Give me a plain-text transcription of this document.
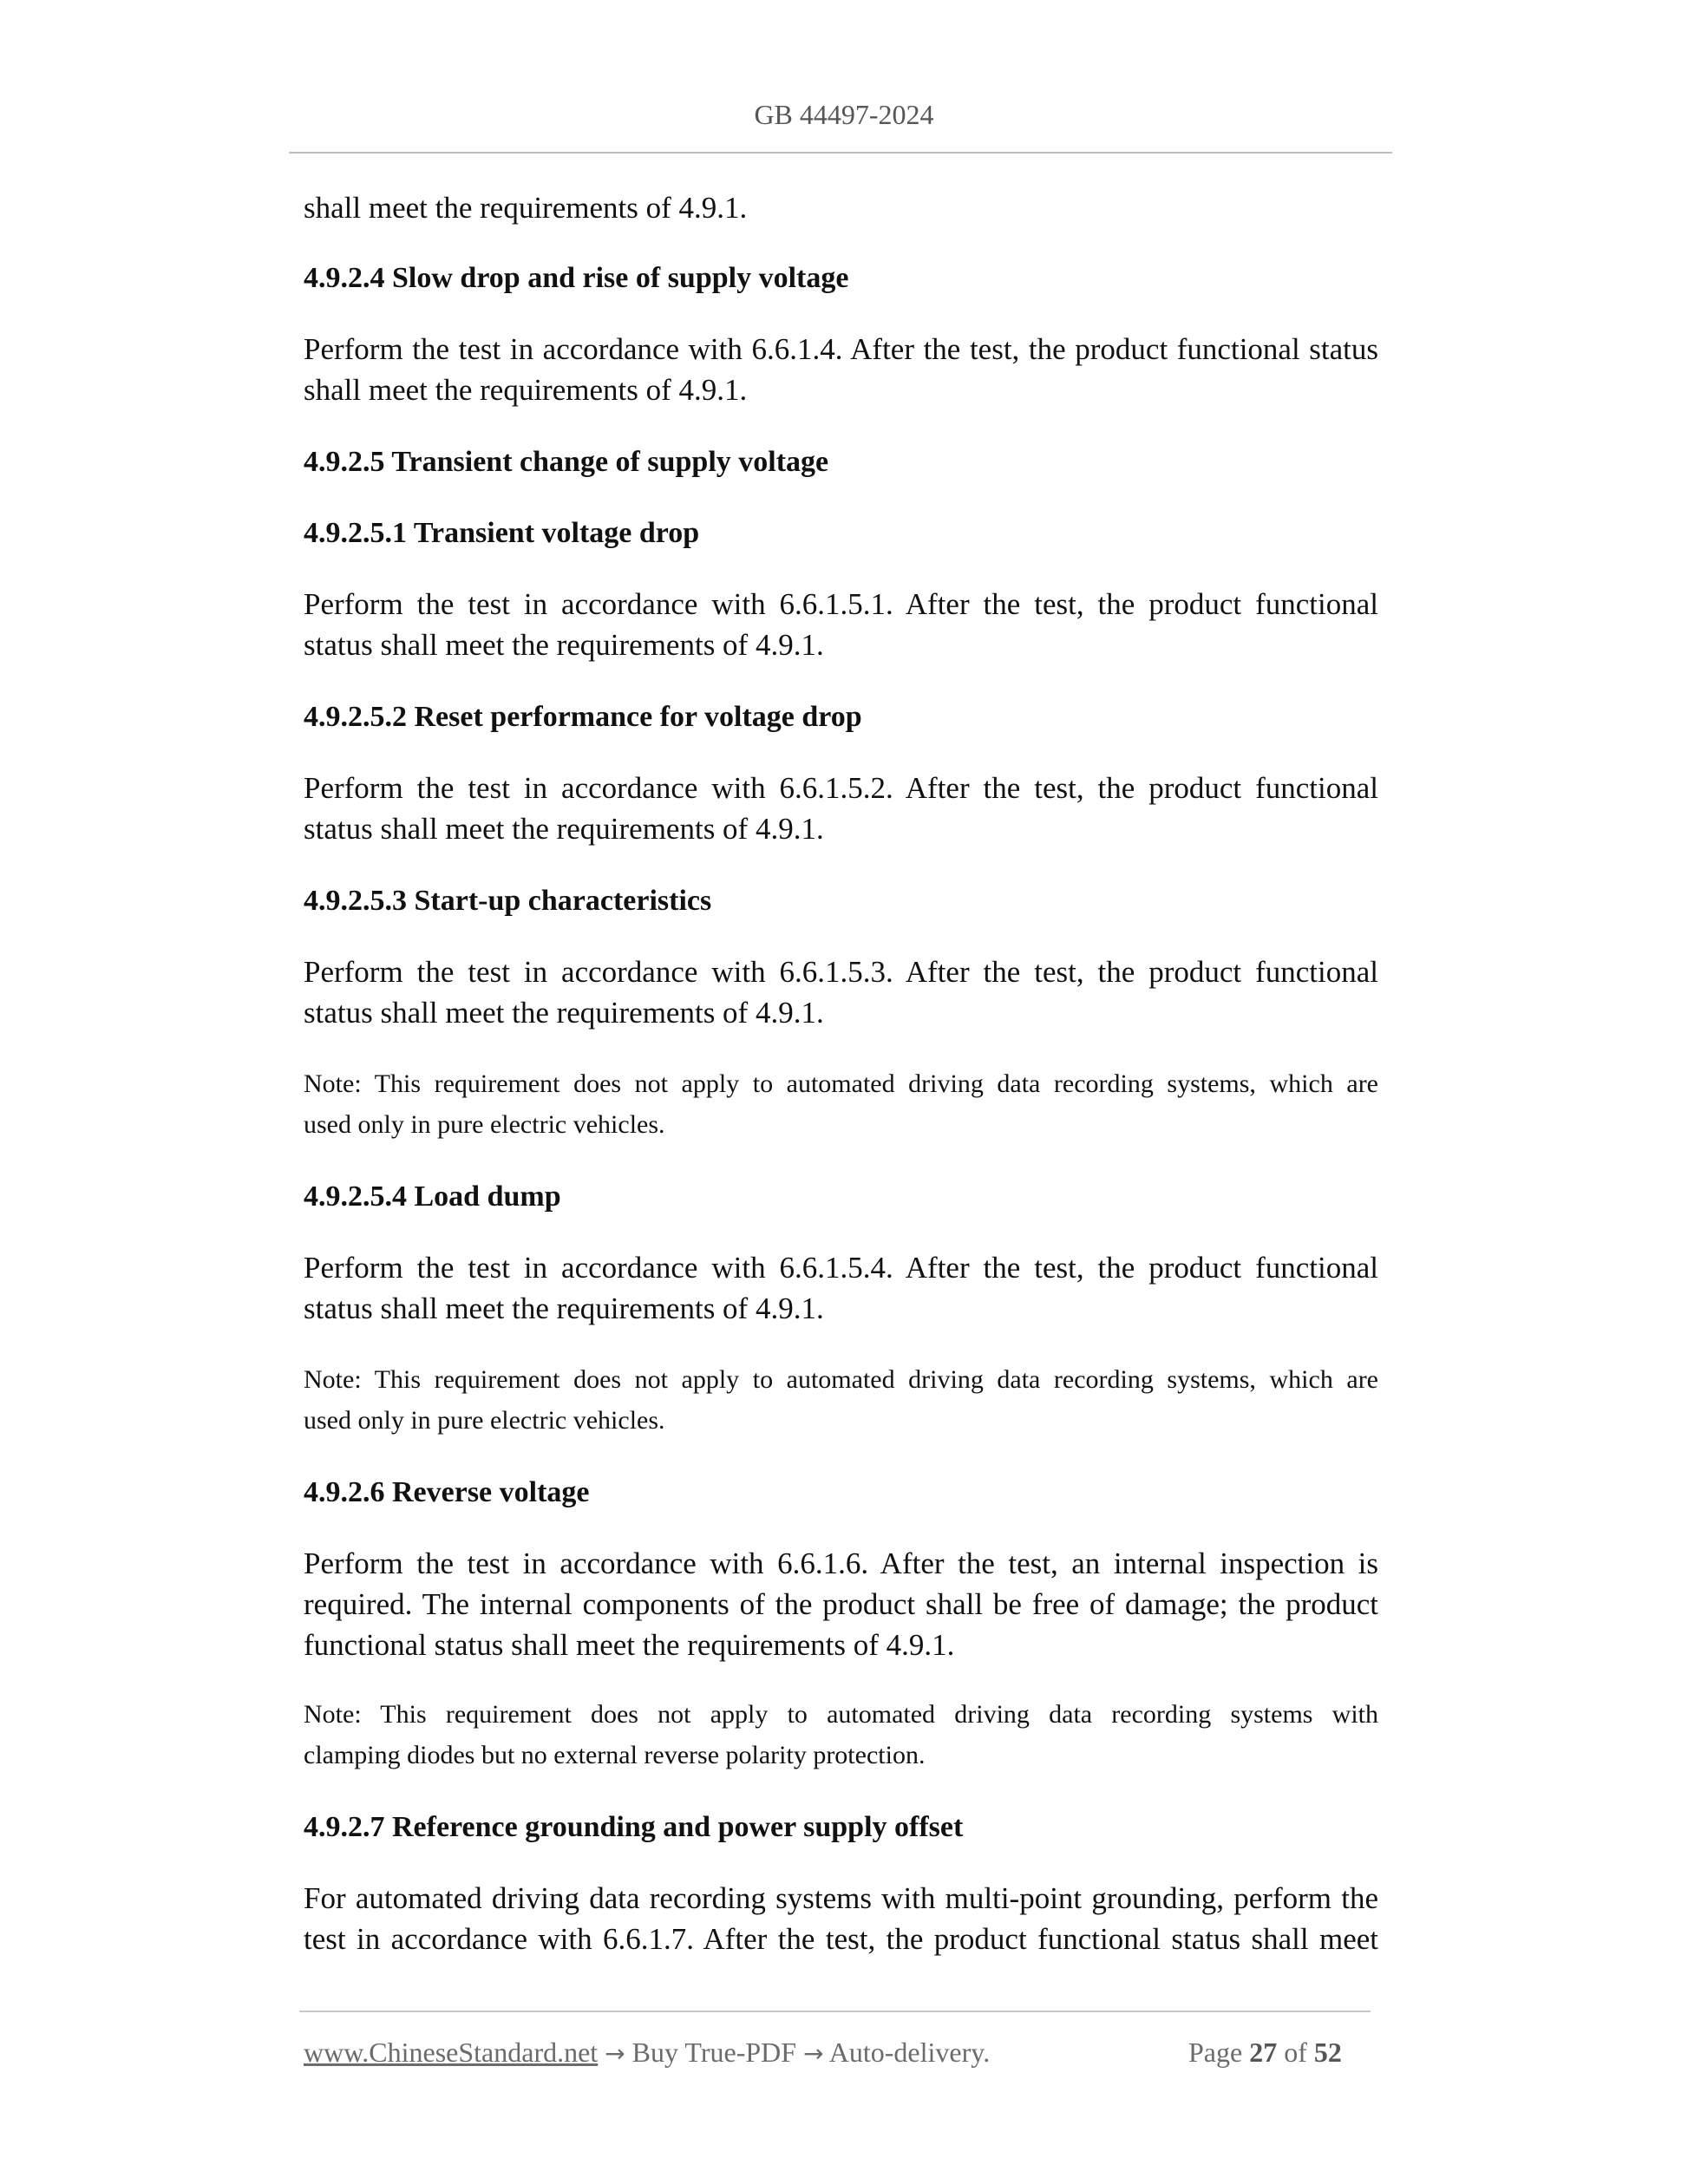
GB 44497-2024
shall meet the requirements of 4.9.1.
4.9.2.4 Slow drop and rise of supply voltage
Perform the test in accordance with 6.6.1.4. After the test, the product functional status
shall meet the requirements of 4.9.1.
4.9.2.5 Transient change of supply voltage
4.9.2.5.1 Transient voltage drop
Perform the test in accordance with 6.6.1.5.1. After the test, the product functional
status shall meet the requirements of 4.9.1.
4.9.2.5.2 Reset performance for voltage drop
Perform the test in accordance with 6.6.1.5.2. After the test, the product functional
status shall meet the requirements of 4.9.1.
4.9.2.5.3 Start-up characteristics
Perform the test in accordance with 6.6.1.5.3. After the test, the product functional
status shall meet the requirements of 4.9.1.
Note: This requirement does not apply to automated driving data recording systems, which are
used only in pure electric vehicles.
4.9.2.5.4 Load dump
Perform the test in accordance with 6.6.1.5.4. After the test, the product functional
status shall meet the requirements of 4.9.1.
Note: This requirement does not apply to automated driving data recording systems, which are
used only in pure electric vehicles.
4.9.2.6 Reverse voltage
Perform the test in accordance with 6.6.1.6. After the test, an internal inspection is
required. The internal components of the product shall be free of damage; the product
functional status shall meet the requirements of 4.9.1.
Note: This requirement does not apply to automated driving data recording systems with
clamping diodes but no external reverse polarity protection.
4.9.2.7 Reference grounding and power supply offset
For automated driving data recording systems with multi-point grounding, perform the
test in accordance with 6.6.1.7. After the test, the product functional status shall meet
www.ChineseStandard.net → Buy True-PDF → Auto-delivery.	Page 27 of 52
